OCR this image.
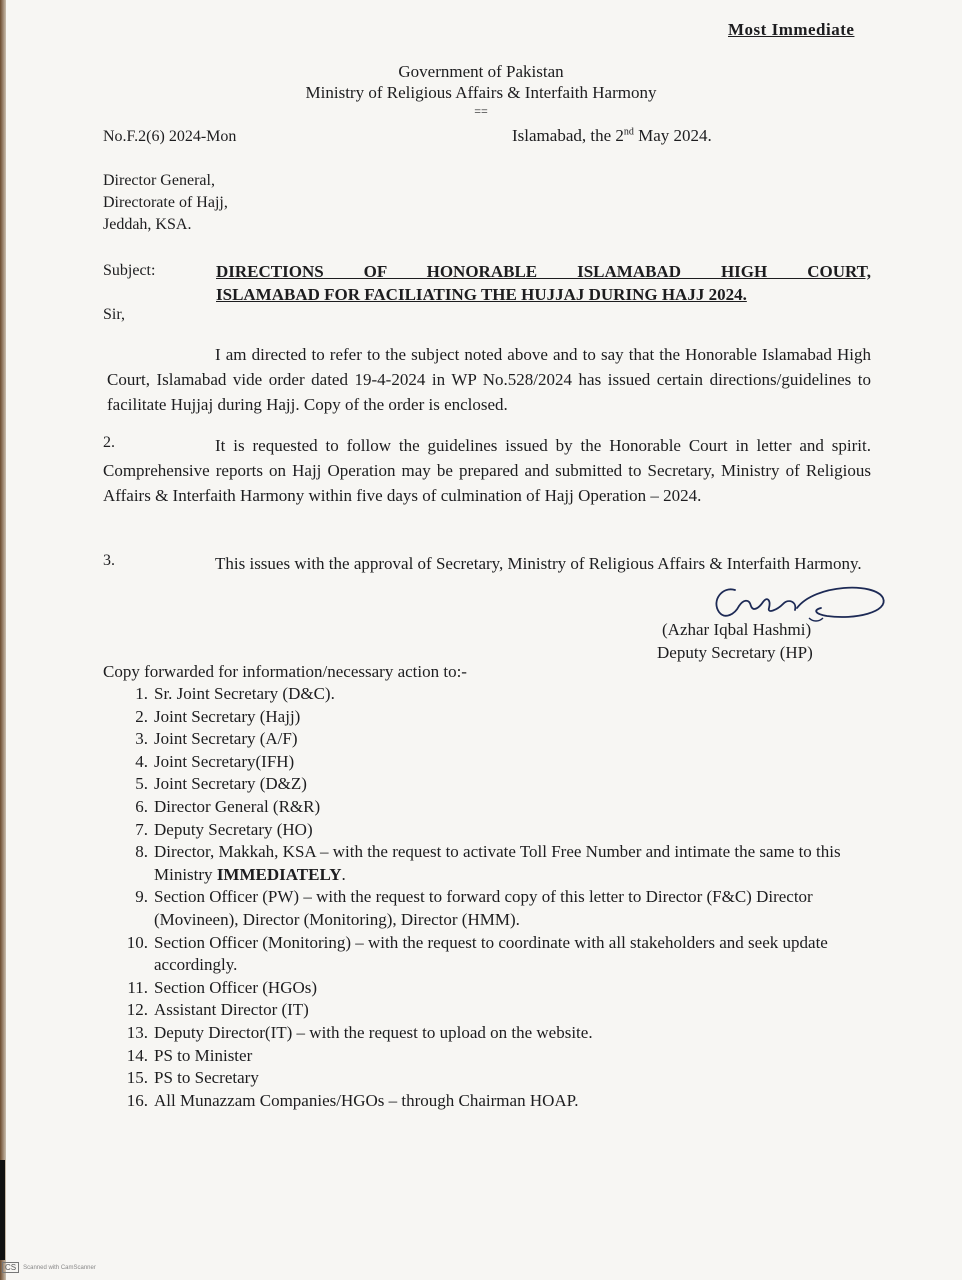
Most Immediate
Government of Pakistan
Ministry of Religious Affairs & Interfaith Harmony
==
No.F.2(6) 2024-Mon	Islamabad, the 2nd May 2024.
Director General,
Directorate of Hajj,
Jeddah, KSA.
Subject:	DIRECTIONS OF HONORABLE ISLAMABAD HIGH COURT,
ISLAMABAD FOR FACILIATING THE HUJJAJ DURING HAJJ 2024.
Sir,
I am directed to refer to the subject noted above and to say that the Honorable Islamabad High Court, Islamabad vide order dated 19-4-2024 in WP No.528/2024 has issued certain directions/guidelines to facilitate Hujjaj during Hajj. Copy of the order is enclosed.
2.	It is requested to follow the guidelines issued by the Honorable Court in letter and spirit. Comprehensive reports on Hajj Operation may be prepared and submitted to Secretary, Ministry of Religious Affairs & Interfaith Harmony within five days of culmination of Hajj Operation – 2024.
3.	This issues with the approval of Secretary, Ministry of Religious Affairs & Interfaith Harmony.
(Azhar Iqbal Hashmi)
Deputy Secretary (HP)
Copy forwarded for information/necessary action to:-
1. Sr. Joint Secretary (D&C).
2. Joint Secretary (Hajj)
3. Joint Secretary (A/F)
4. Joint Secretary(IFH)
5. Joint Secretary (D&Z)
6. Director General (R&R)
7. Deputy Secretary (HO)
8. Director, Makkah, KSA – with the request to activate Toll Free Number and intimate the same to this Ministry IMMEDIATELY.
9. Section Officer (PW) – with the request to forward copy of this letter to Director (F&C) Director (Movineen), Director (Monitoring), Director (HMM).
10. Section Officer (Monitoring) – with the request to coordinate with all stakeholders and seek update accordingly.
11. Section Officer (HGOs)
12. Assistant Director (IT)
13. Deputy Director(IT) – with the request to upload on the website.
14. PS to Minister
15. PS to Secretary
16. All Munazzam Companies/HGOs – through Chairman HOAP.
CS	Scanned with CamScanner
